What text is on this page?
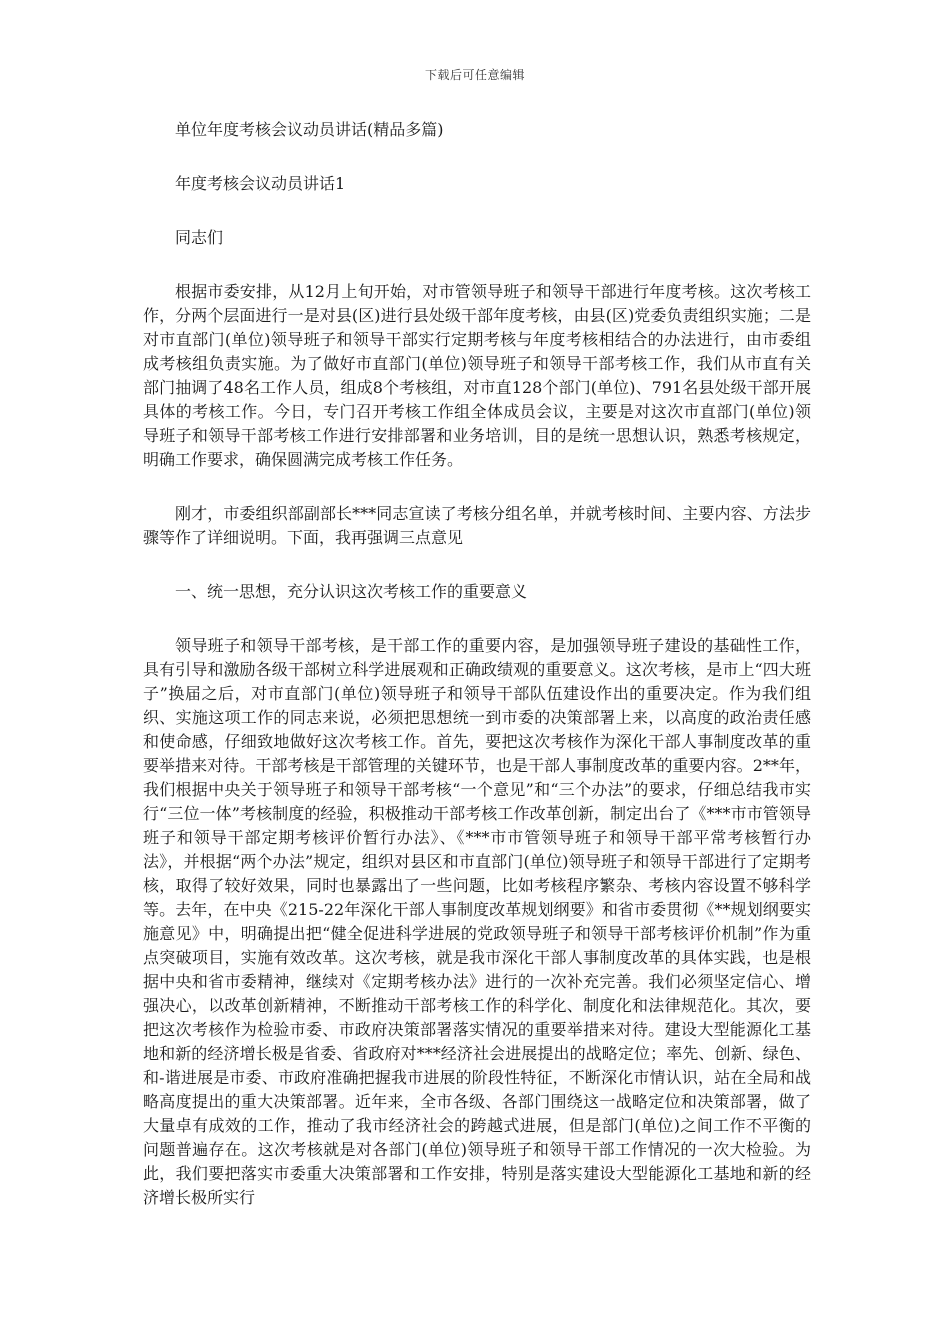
下载后可任意编辑

单位年度考核会议动员讲话(精品多篇)

年度考核会议动员讲话1

同志们

根据市委安排，从12月上旬开始，对市管领导班子和领导干部进行年度考核。这次考核工作，分两个层面进行一是对县(区)进行县处级干部年度考核，由县(区)党委负责组织实施；二是对市直部门(单位)领导班子和领导干部实行定期考核与年度考核相结合的办法进行，由市委组成考核组负责实施。为了做好市直部门(单位)领导班子和领导干部考核工作，我们从市直有关部门抽调了48名工作人员，组成8个考核组，对市直128个部门(单位)、791名县处级干部开展具体的考核工作。今日，专门召开考核工作组全体成员会议，主要是对这次市直部门(单位)领导班子和领导干部考核工作进行安排部署和业务培训，目的是统一思想认识，熟悉考核规定，明确工作要求，确保圆满完成考核工作任务。

刚才，市委组织部副部长***同志宣读了考核分组名单，并就考核时间、主要内容、方法步骤等作了详细说明。下面，我再强调三点意见

一、统一思想，充分认识这次考核工作的重要意义

领导班子和领导干部考核，是干部工作的重要内容，是加强领导班子建设的基础性工作，具有引导和激励各级干部树立科学进展观和正确政绩观的重要意义。这次考核，是市上“四大班子”换届之后，对市直部门(单位)领导班子和领导干部队伍建设作出的重要决定。作为我们组织、实施这项工作的同志来说，必须把思想统一到市委的决策部署上来，以高度的政治责任感和使命感，仔细致地做好这次考核工作。首先，要把这次考核作为深化干部人事制度改革的重要举措来对待。干部考核是干部管理的关键环节，也是干部人事制度改革的重要内容。2**年，我们根据中央关于领导班子和领导干部考核“一个意见”和“三个办法”的要求，仔细总结我市实行“三位一体”考核制度的经验，积极推动干部考核工作改革创新，制定出台了《***市市管领导班子和领导干部定期考核评价暂行办法》、《***市市管领导班子和领导干部平常考核暂行办法》，并根据“两个办法”规定，组织对县区和市直部门(单位)领导班子和领导干部进行了定期考核，取得了较好效果，同时也暴露出了一些问题，比如考核程序繁杂、考核内容设置不够科学等。去年，在中央《215-22年深化干部人事制度改革规划纲要》和省市委贯彻《**规划纲要实施意见》中，明确提出把“健全促进科学进展的党政领导班子和领导干部考核评价机制”作为重点突破项目，实施有效改革。这次考核，就是我市深化干部人事制度改革的具体实践，也是根据中央和省市委精神，继续对《定期考核办法》进行的一次补充完善。我们必须坚定信心、增强决心，以改革创新精神，不断推动干部考核工作的科学化、制度化和法律规范化。其次，要把这次考核作为检验市委、市政府决策部署落实情况的重要举措来对待。建设大型能源化工基地和新的经济增长极是省委、省政府对***经济社会进展提出的战略定位；率先、创新、绿色、和-谐进展是市委、市政府准确把握我市进展的阶段性特征，不断深化市情认识，站在全局和战略高度提出的重大决策部署。近年来，全市各级、各部门围绕这一战略定位和决策部署，做了大量卓有成效的工作，推动了我市经济社会的跨越式进展，但是部门(单位)之间工作不平衡的问题普遍存在。这次考核就是对各部门(单位)领导班子和领导干部工作情况的一次大检验。为此，我们要把落实市委重大决策部署和工作安排，特别是落实建设大型能源化工基地和新的经济增长极所实行
